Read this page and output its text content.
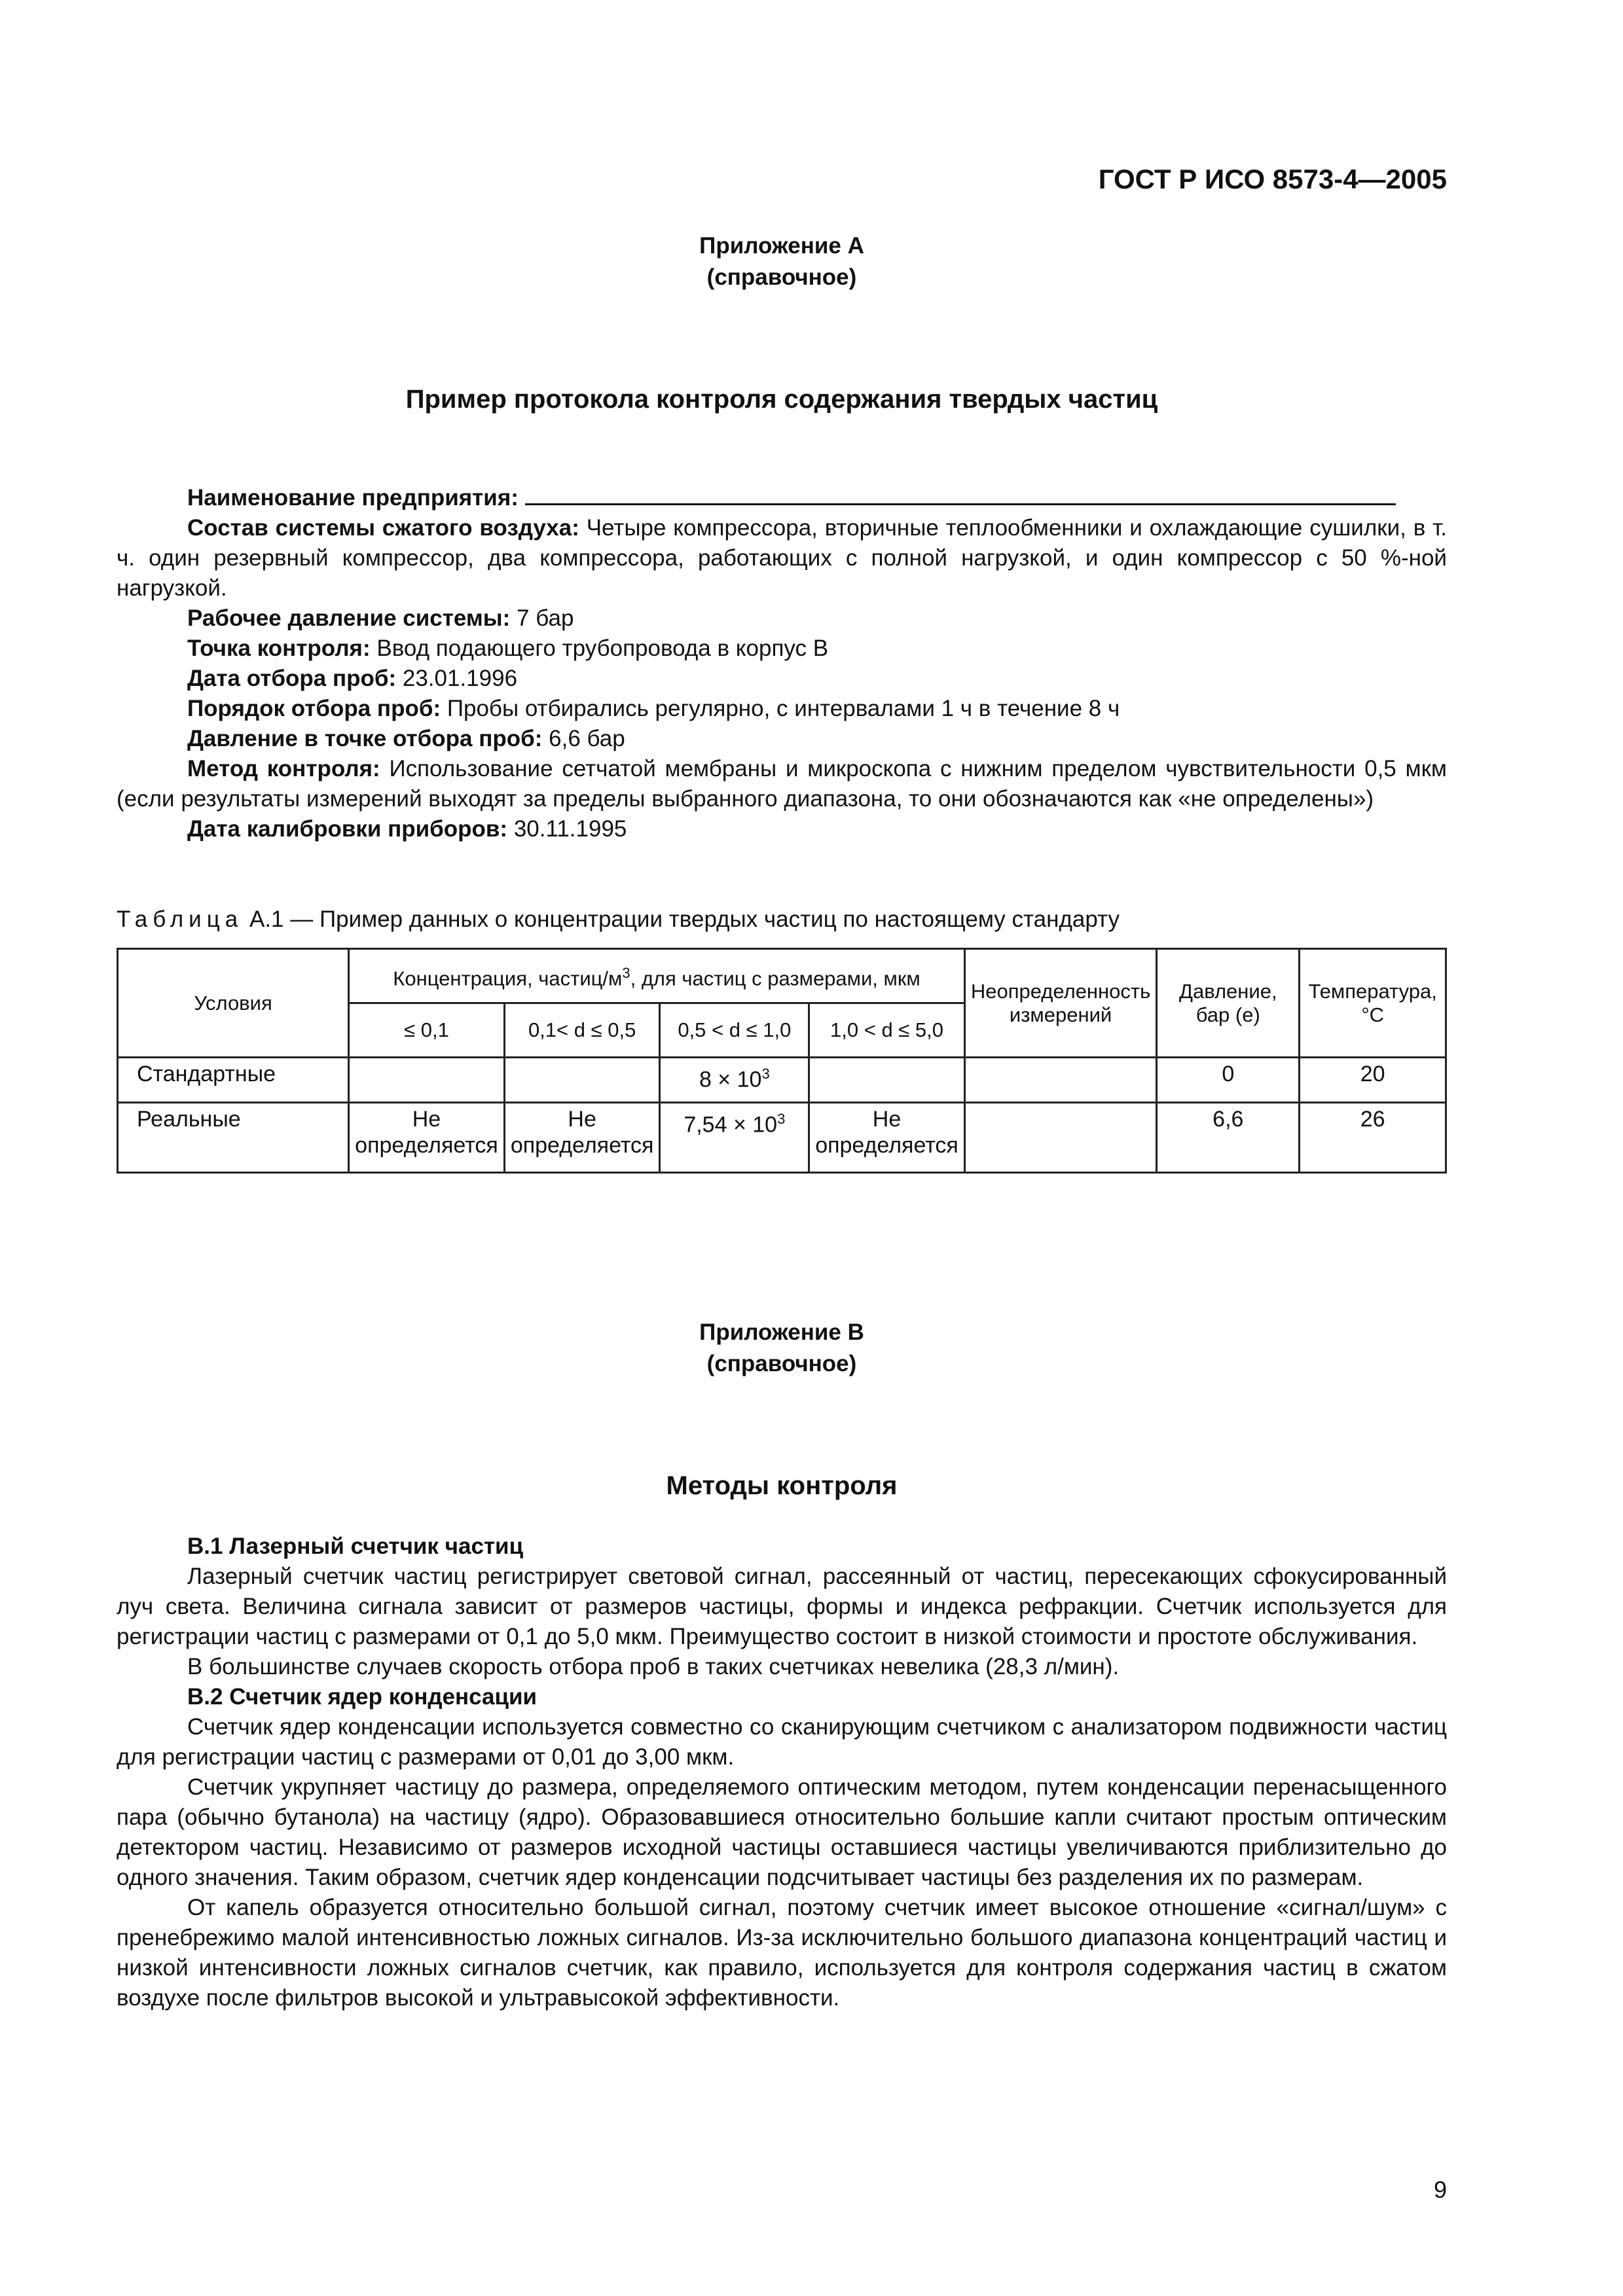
ГОСТ Р ИСО 8573-4—2005
Приложение А
(справочное)
Пример протокола контроля содержания твердых частиц

Наименование предприятия:

Состав системы сжатого воздуха: Четыре компрессора, вторичные теплообменники и охлаждающие сушилки, в т. ч. один резервный компрессор, два компрессора, работающих с полной нагрузкой, и один компрессор с 50 %-ной нагрузкой.

Рабочее давление системы: 7 бар

Точка контроля: Ввод подающего трубопровода в корпус В

Дата отбора проб: 23.01.1996

Порядок отбора проб: Пробы отбирались регулярно, с интервалами 1 ч в течение 8 ч

Давление в точке отбора проб: 6,6 бар

Метод контроля: Использование сетчатой мембраны и микроскопа с нижним пределом чувствительности 0,5 мкм (если результаты измерений выходят за пределы выбранного диапазона, то они обозначаются как «не определены»)

Дата калибровки приборов: 30.11.1995

Таблица А.1 — Пример данных о концентрации твердых частиц по настоящему стандарту
Условия	Концентрация, частиц/$м^3$, для частиц с размерами, мкм				Неопределенность измерений	Давление, бар (е)	Температура, °С
	≤ 0,1	0,1< d ≤ 0,5	0,5 < d ≤ 1,0	1,0 < d ≤ 5,0			
Стандартные			$8 \times 10^3$			0	20
Реальные	Не определяется	Не определяется	$7,54 \times 10^3$	Не определяется		6,6	26
Приложение В
(справочное)
Методы контроля

В.1 Лазерный счетчик частиц

Лазерный счетчик частиц регистрирует световой сигнал, рассеянный от частиц, пересекающих сфокусированный луч света. Величина сигнала зависит от размеров частицы, формы и индекса рефракции. Счетчик используется для регистрации частиц с размерами от 0,1 до 5,0 мкм. Преимущество состоит в низкой стоимости и простоте обслуживания.

В большинстве случаев скорость отбора проб в таких счетчиках невелика (28,3 л/мин).

В.2 Счетчик ядер конденсации

Счетчик ядер конденсации используется совместно со сканирующим счетчиком с анализатором подвижности частиц для регистрации частиц с размерами от 0,01 до 3,00 мкм.

Счетчик укрупняет частицу до размера, определяемого оптическим методом, путем конденсации перенасыщенного пара (обычно бутанола) на частицу (ядро). Образовавшиеся относительно большие капли считают простым оптическим детектором частиц. Независимо от размеров исходной частицы оставшиеся частицы увеличиваются приблизительно до одного значения. Таким образом, счетчик ядер конденсации подсчитывает частицы без разделения их по размерам.

От капель образуется относительно большой сигнал, поэтому счетчик имеет высокое отношение «сигнал/шум» с пренебрежимо малой интенсивностью ложных сигналов. Из-за исключительно большого диапазона концентраций частиц и низкой интенсивности ложных сигналов счетчик, как правило, используется для контроля содержания частиц в сжатом воздухе после фильтров высокой и ультравысокой эффективности.

9
